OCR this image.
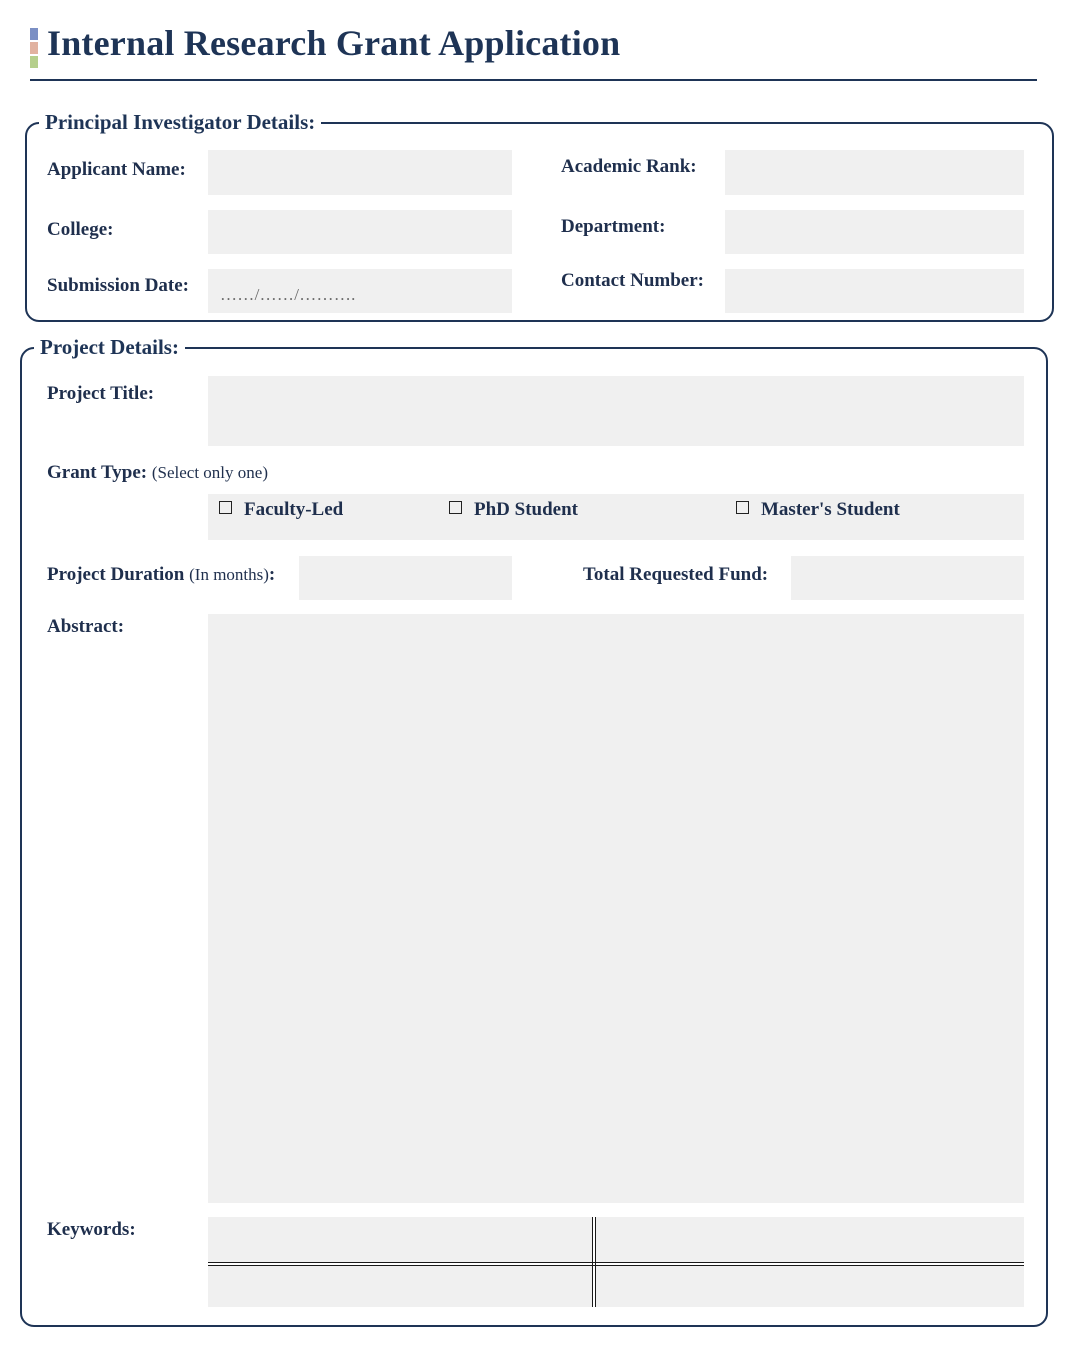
Internal Research Grant Application
Principal Investigator Details:
Applicant Name:	Academic Rank:
College:	Department:
Submission Date:	……/……/……….
Contact Number:
Project Details:
Project Title:
Grant Type: (Select only one)
Faculty-Led	PhD Student	Master's Student
Project Duration (In months):	Total Requested Fund:
Abstract:
Keywords:
